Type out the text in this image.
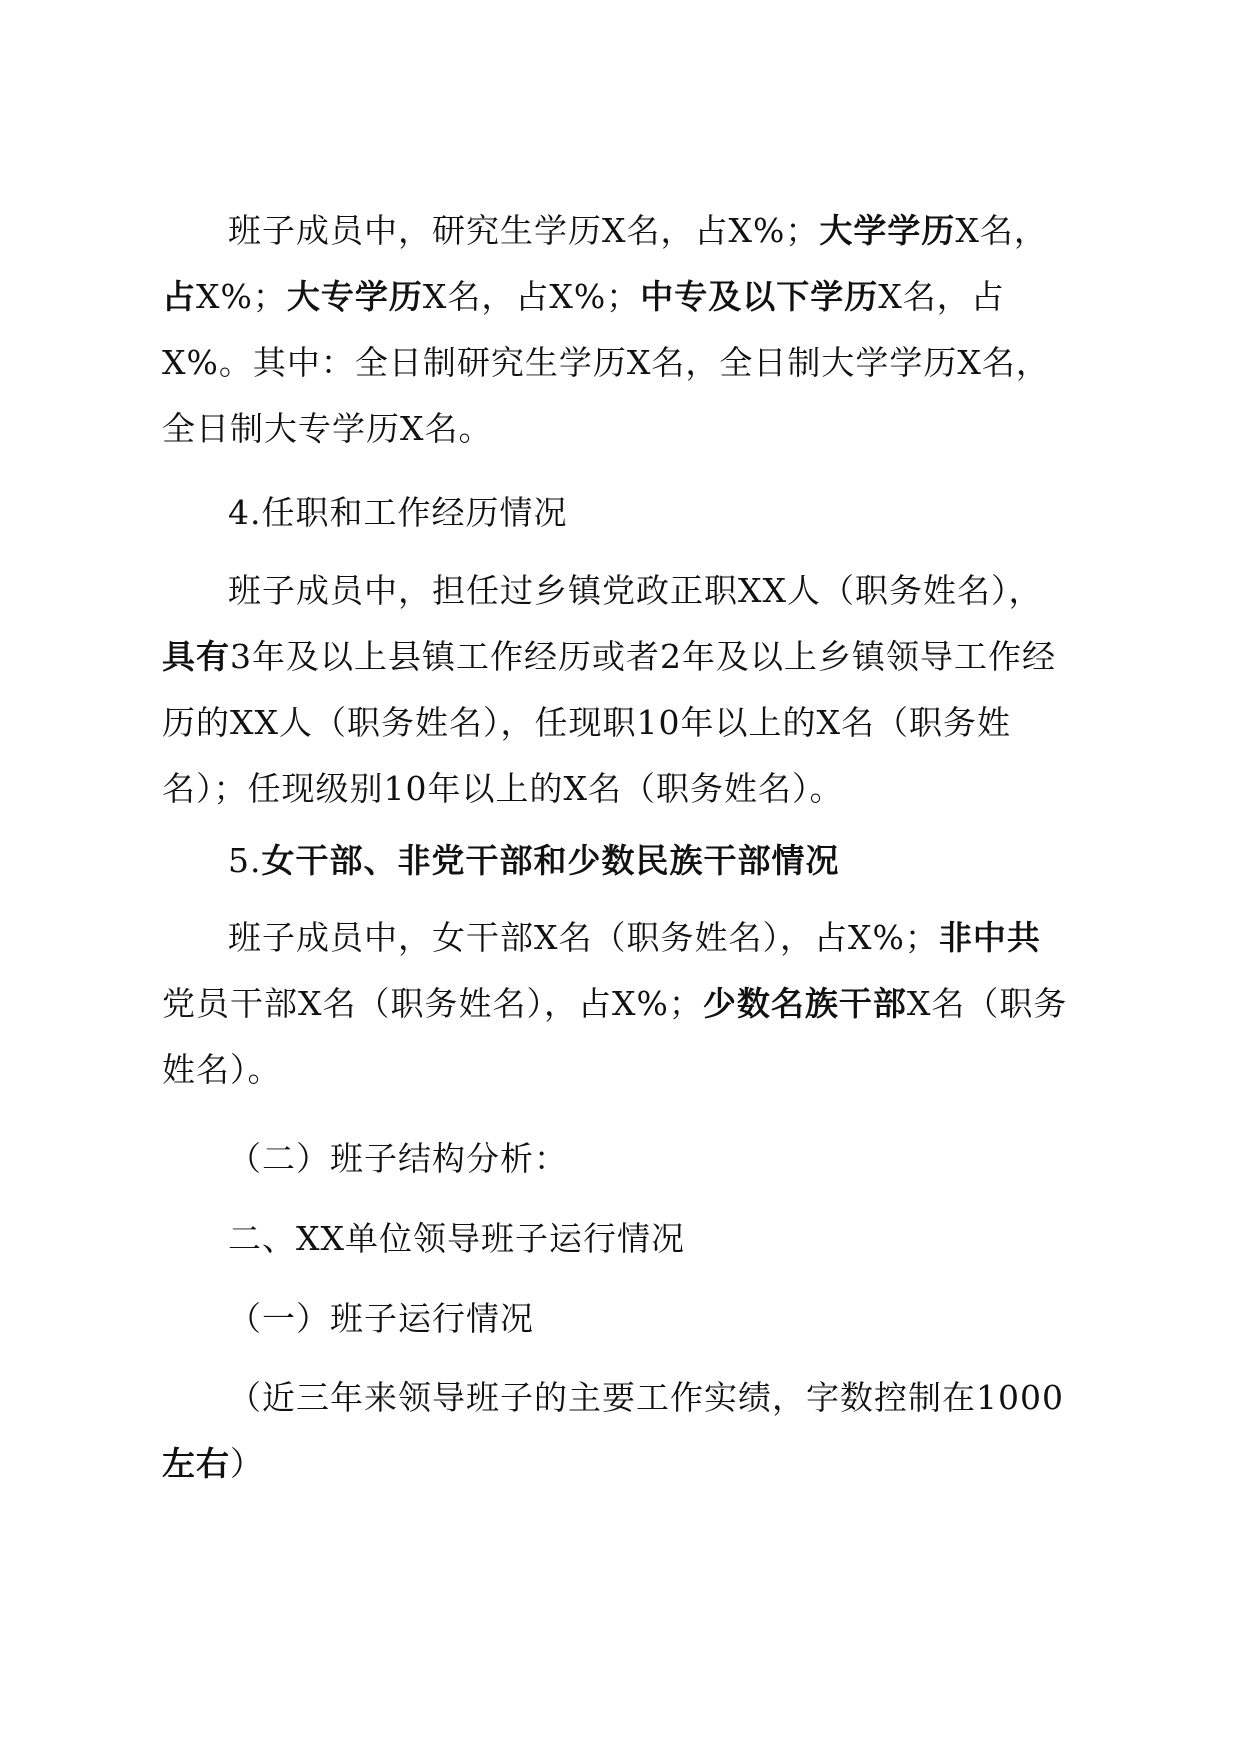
班子成员中，研究生学历X名，占X%；大学学历X名，占X%；大专学历X名，占X%；中专及以下学历X名，占X%。其中：全日制研究生学历X名，全日制大学学历X名，全日制大专学历X名。

4.任职和工作经历情况

班子成员中，担任过乡镇党政正职XX人（职务姓名），具有3年及以上县镇工作经历或者2年及以上乡镇领导工作经历的XX人（职务姓名），任现职10年以上的X名（职务姓名）；任现级别10年以上的X名（职务姓名）。

5.女干部、非党干部和少数民族干部情况

班子成员中，女干部X名（职务姓名），占X%；非中共党员干部X名（职务姓名），占X%；少数名族干部X名（职务姓名）。

（二）班子结构分析：

二、XX单位领导班子运行情况

（一）班子运行情况

（近三年来领导班子的主要工作实绩，字数控制在1000左右）
